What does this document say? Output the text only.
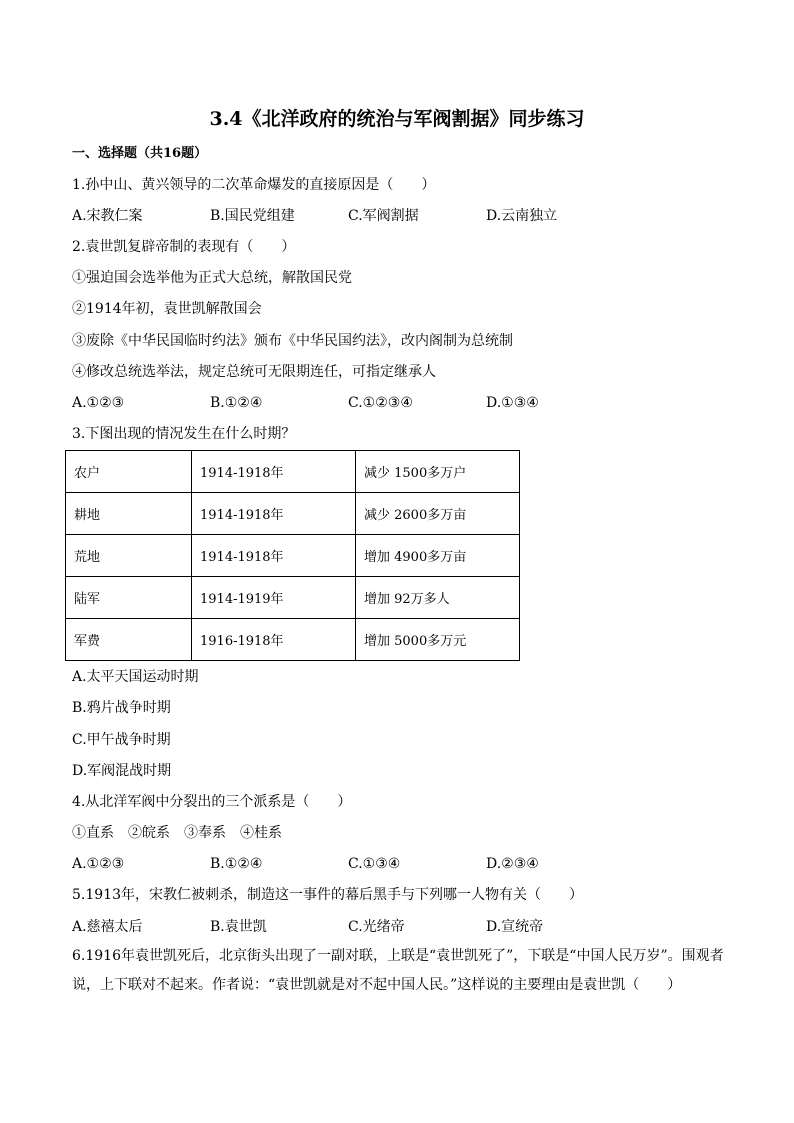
3.4《北洋政府的统治与军阀割据》同步练习
一、选择题（共16题）
1.孙中山、黄兴领导的二次革命爆发的直接原因是（　　）
A.宋教仁案	B.国民党组建	C.军阀割据	D.云南独立
2.袁世凯复辟帝制的表现有（　　）
①强迫国会选举他为正式大总统，解散国民党
②1914年初，袁世凯解散国会
③废除《中华民国临时约法》颁布《中华民国约法》，改内阁制为总统制
④修改总统选举法，规定总统可无限期连任，可指定继承人
A.①②③	B.①②④	C.①②③④	D.①③④
3.下图出现的情况发生在什么时期？
农户	1914-1918年	减少 1500多万户
耕地	1914-1918年	减少 2600多万亩
荒地	1914-1918年	增加 4900多万亩
陆军	1914-1919年	增加 92万多人
军费	1916-1918年	增加 5000多万元
A.太平天国运动时期
B.鸦片战争时期
C.甲午战争时期
D.军阀混战时期
4.从北洋军阀中分裂出的三个派系是（　　）
①直系　②皖系　③奉系　④桂系
A.①②③	B.①②④	C.①③④	D.②③④
5.1913年，宋教仁被刺杀，制造这一事件的幕后黑手与下列哪一人物有关（　　）
A.慈禧太后	B.袁世凯	C.光绪帝	D.宣统帝
6.1916年袁世凯死后，北京街头出现了一副对联，上联是“袁世凯死了”，下联是“中国人民万岁”。围观者说，上下联对不起来。作者说：“袁世凯就是对不起中国人民。”这样说的主要理由是袁世凯（　　）
